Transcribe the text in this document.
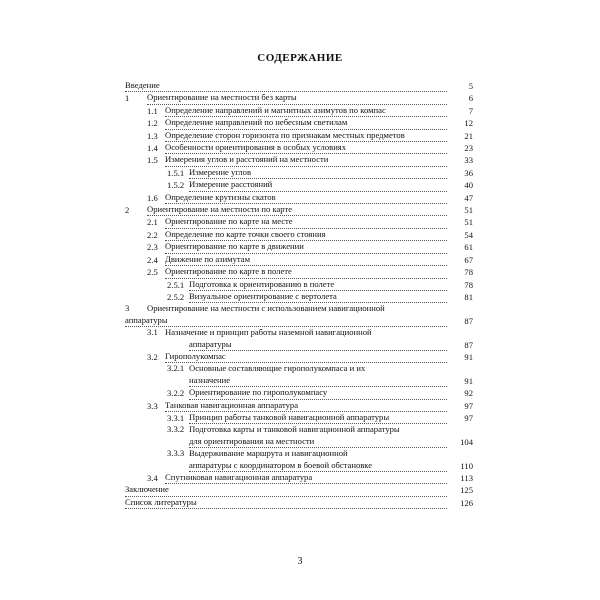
СОДЕРЖАНИЕ
Введение	5
1	Ориентирование на местности без карты	6
1.1 Определение направлений и магнитных азимутов по компас	7
1.2 Определение направлений по небесным светилам	12
1.3 Определение сторон горизонта по признакам местных предметов	21
1.4 Особенности ориентирования в особых условиях	23
1.5 Измерения углов и расстояний на местности	33
1.5.1 Измерение углов	36
1.5.2 Измерение расстояний	40
1.6 Определение крутизны скатов	47
2	Ориентирование на местности по карте	51
2.1 Ориентирование по карте на месте	51
2.2 Определение по карте точки своего стояния	54
2.3 Ориентирование по карте в движении	61
2.4 Движение по азимутам	67
2.5 Ориентирование по карте в полете	78
2.5.1 Подготовка к ориентированию в полете	78
2.5.2 Визуальное ориентирование с вертолета	81
3	Ориентирование на местности с использованием навигационной
аппаратуры	87
3.1 Назначение и принцип работы наземной навигационной
аппаратуры	87
3.2 Гирополукомпас	91
3.2.1 Основные составляющие гирополукомпаса и их
назначение	91
3.2.2 Ориентирование по гирополукомпасу	92
3.3 Танковая навигационная аппаратура	97
3.3.1 Принцип работы танковой навигационной аппаратуры	97
3.3.2 Подготовка карты и танковой навигационной аппаратуры
для ориентирования на местности	104
3.3.3 Выдерживание маршрута и навигационной
аппаратуры с координатором в боевой обстановке	110
3.4 Спутниковая навигационная аппаратура	113
Заключение	125
Список литературы	126
3
